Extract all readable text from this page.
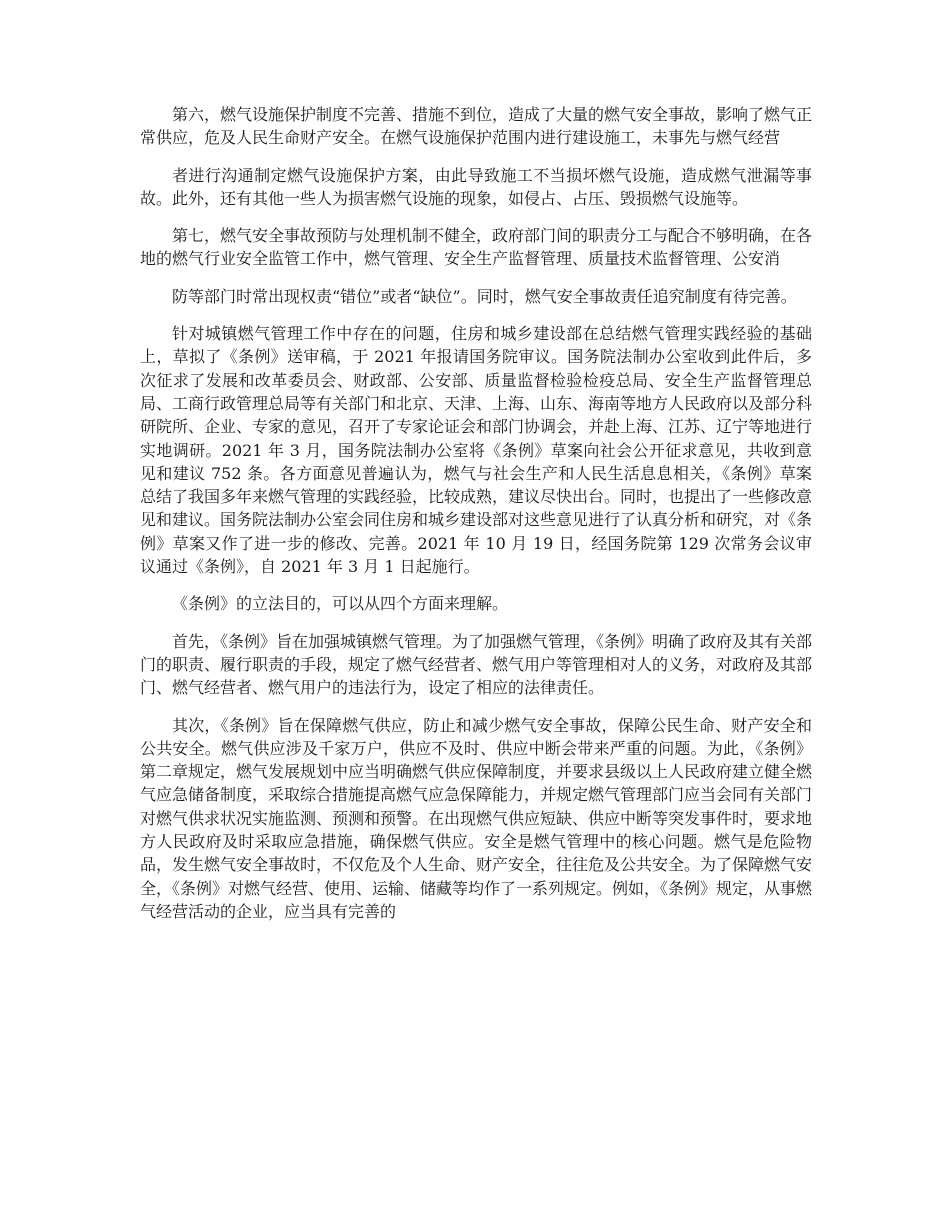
第六，燃气设施保护制度不完善、措施不到位，造成了大量的燃气安全事故，影响了燃气正常供应，危及人民生命财产安全。在燃气设施保护范围内进行建设施工，未事先与燃气经营

者进行沟通制定燃气设施保护方案，由此导致施工不当损坏燃气设施，造成燃气泄漏等事故。此外，还有其他一些人为损害燃气设施的现象，如侵占、占压、毁损燃气设施等。

第七，燃气安全事故预防与处理机制不健全，政府部门间的职责分工与配合不够明确，在各地的燃气行业安全监管工作中，燃气管理、安全生产监督管理、质量技术监督管理、公安消

防等部门时常出现权责“错位”或者“缺位”。同时，燃气安全事故责任追究制度有待完善。

针对城镇燃气管理工作中存在的问题，住房和城乡建设部在总结燃气管理实践经验的基础上，草拟了《条例》送审稿，于 2021 年报请国务院审议。国务院法制办公室收到此件后，多次征求了发展和改革委员会、财政部、公安部、质量监督检验检疫总局、安全生产监督管理总局、工商行政管理总局等有关部门和北京、天津、上海、山东、海南等地方人民政府以及部分科研院所、企业、专家的意见，召开了专家论证会和部门协调会，并赴上海、江苏、辽宁等地进行实地调研。2021 年 3 月，国务院法制办公室将《条例》草案向社会公开征求意见，共收到意见和建议 752 条。各方面意见普遍认为，燃气与社会生产和人民生活息息相关，《条例》草案总结了我国多年来燃气管理的实践经验，比较成熟，建议尽快出台。同时，也提出了一些修改意见和建议。国务院法制办公室会同住房和城乡建设部对这些意见进行了认真分析和研究，对《条例》草案又作了进一步的修改、完善。2021 年 10 月 19 日，经国务院第 129 次常务会议审议通过《条例》，自 2021 年 3 月 1 日起施行。

《条例》的立法目的，可以从四个方面来理解。

首先，《条例》旨在加强城镇燃气管理。为了加强燃气管理，《条例》明确了政府及其有关部门的职责、履行职责的手段，规定了燃气经营者、燃气用户等管理相对人的义务，对政府及其部门、燃气经营者、燃气用户的违法行为，设定了相应的法律责任。

其次，《条例》旨在保障燃气供应，防止和减少燃气安全事故，保障公民生命、财产安全和公共安全。燃气供应涉及千家万户，供应不及时、供应中断会带来严重的问题。为此，《条例》第二章规定，燃气发展规划中应当明确燃气供应保障制度，并要求县级以上人民政府建立健全燃气应急储备制度，采取综合措施提高燃气应急保障能力，并规定燃气管理部门应当会同有关部门对燃气供求状况实施监测、预测和预警。在出现燃气供应短缺、供应中断等突发事件时，要求地方人民政府及时采取应急措施，确保燃气供应。安全是燃气管理中的核心问题。燃气是危险物品，发生燃气安全事故时，不仅危及个人生命、财产安全，往往危及公共安全。为了保障燃气安全，《条例》对燃气经营、使用、运输、储藏等均作了一系列规定。例如，《条例》规定，从事燃气经营活动的企业，应当具有完善的
